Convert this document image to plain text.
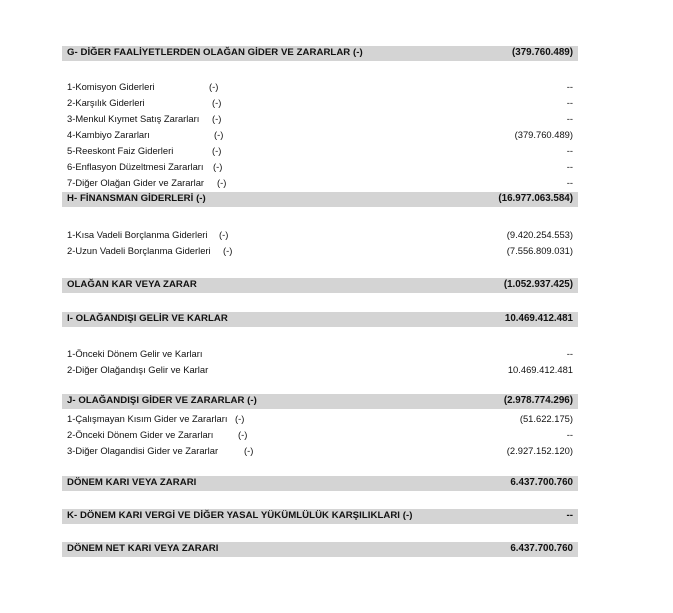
G- DİĞER FAALİYETLERDEN OLAĞAN GİDER VE ZARARLAR (-)	(379.760.489)
1-Komisyon Giderleri	(-)	--
2-Karşılık Giderleri	(-)	--
3-Menkul Kıymet Satış Zararları (-)	--
4-Kambiyo Zararları	(-)	(379.760.489)
5-Reeskont Faiz Giderleri	(-)	--
6-Enflasyon Düzeltmesi Zararları (-)	--
7-Diğer Olağan Gider ve Zararlar (-)	--
H- FİNANSMAN GİDERLERİ (-)	(16.977.063.584)
1-Kısa Vadeli Borçlanma Giderleri (-)	(9.420.254.553)
2-Uzun Vadeli Borçlanma Giderleri (-)	(7.556.809.031)
OLAĞAN KAR VEYA ZARAR	(1.052.937.425)
I- OLAĞANDIŞI GELİR VE KARLAR	10.469.412.481
1-Önceki Dönem Gelir ve Karları	--
2-Diğer Olağandışı Gelir ve Karlar	10.469.412.481
J- OLAĞANDIŞI GİDER VE ZARARLAR (-)	(2.978.774.296)
1-Çalışmayan Kısım Gider ve Zararları (-)	(51.622.175)
2-Önceki Dönem Gider ve Zararları	(-)	--
3-Diğer Olagandisi Gider ve Zararlar	(-)	(2.927.152.120)
DÖNEM KARI VEYA ZARARI	6.437.700.760
K- DÖNEM KARI VERGİ VE DİĞER YASAL YÜKÜMLÜLÜK KARŞILIKLARI (-)	--
DÖNEM NET KARI VEYA ZARARI	6.437.700.760
